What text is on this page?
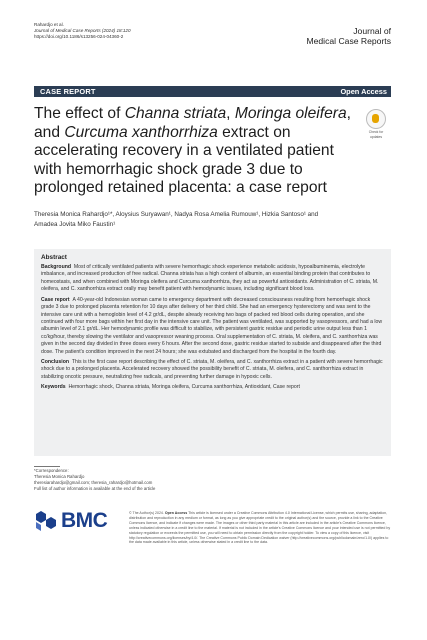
Rahardjo et al.
Journal of Medical Case Reports (2024) 18:120
https://doi.org/10.1186/s13256-024-04360-2
Journal of
Medical Case Reports
CASE REPORT	Open Access
The effect of Channa striata, Moringa oleifera, and Curcuma xanthorrhiza extract on accelerating recovery in a ventilated patient with hemorrhagic shock grade 3 due to prolonged retained placenta: a case report
Check for
updates
Theresia Monica Rahardjo¹*, Aloysius Suryawan¹, Nadya Rosa Amelia Rumouw¹, Hizkia Santoso¹ and
Amadea Jovita Miko Faustin¹
Abstract

Background Most of critically ventilated patients with severe hemorrhagic shock experience metabolic acidosis, hypoalbuminemia, electrolyte imbalance, and increased production of free radical. Channa striata has a high content of albumin, an essential binding protein that contributes to homeostasis, and when combined with Moringa oleifera and Curcuma xanthorrhiza, they act as powerful antioxidants. Administration of C. striata, M. oleifera, and C. xanthorrhiza extract orally may benefit patient with hemodynamic issues, including significant blood loss.

Case report A 40-year-old Indonesian woman came to emergency department with decreased consciousness resulting from hemorrhagic shock grade 3 due to prolonged placenta retention for 10 days after delivery of her third child. She had an emergency hysterectomy and was sent to the intensive care unit with a hemoglobin level of 4.2 gr/dL, despite already receiving two bags of packed red blood cells during operation, and she continued with four more bags within her first day in the intensive care unit. The patient was ventilated, was supported by vasopressors, and had a low albumin level of 2.1 gr/dL. Her hemodynamic profile was difficult to stabilize, with persistent gastric residue and periodic urine output less than 1 cc/kg/hour, thereby slowing the ventilator and vasopressor weaning process. Oral supplementation of C. striata, M. oleifera, and C. xanthorrhiza was given in the second day divided in three doses every 6 hours. After the second dose, gastric residue started to subside and disappeared after the third dose. The patient's condition improved in the next 24 hours; she was extubated and discharged from the hospital in the fourth day.

Conclusion This is the first case report describing the effect of C. striata, M. oleifera, and C. xanthorrhiza extract in a patient with severe hemorrhagic shock due to a prolonged placenta. Accelerated recovery showed the possibility benefit of C. striata, M. oleifera, and C. xanthorrhiza extract in stabilizing oncotic pressure, neutralizing free radicals, and preventing further damage in hypoxic cells.

Keywords Hemorrhagic shock, Channa striata, Moringa oleifera, Curcuma xanthorrhiza, Antioxidant, Case report

*Correspondence:
Theresia Monica Rahardjo
theresiarahardjo@gmail.com; theresia_rahardjo@hotmail.com
Full list of author information is available at the end of the article
BMC	© The Author(s) 2024. Open Access This article is licensed under a Creative Commons Attribution 4.0 International License, which permits use, sharing, adaptation, distribution and reproduction in any medium or format, as long as you give appropriate credit to the original author(s) and the source, provide a link to the Creative Commons licence, and indicate if changes were made. The images or other third party material in this article are included in the article's Creative Commons licence, unless indicated otherwise in a credit line to the material. If material is not included in the article's Creative Commons licence and your intended use is not permitted by statutory regulation or exceeds the permitted use, you will need to obtain permission directly from the copyright holder. To view a copy of this licence, visit http://creativecommons.org/licenses/by/4.0/. The Creative Commons Public Domain Dedication waiver (http://creativecommons.org/publicdomain/zero/1.0/) applies to the data made available in this article, unless otherwise stated in a credit line to the data.
